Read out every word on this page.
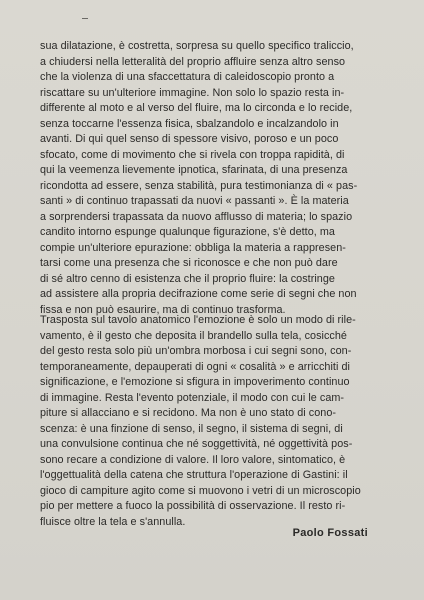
sua dilatazione, è costretta, sorpresa su quello specifico traliccio,
a chiudersi nella letteralità del proprio affluire senza altro senso
che la violenza di una sfaccettatura di caleidoscopio pronto a
riscattare su un'ulteriore immagine. Non solo lo spazio resta in-
differente al moto e al verso del fluire, ma lo circonda e lo recide,
senza toccarne l'essenza fisica, sbalzandolo e incalzandolo in
avanti. Di qui quel senso di spessore visivo, poroso e un poco
sfocato, come di movimento che si rivela con troppa rapidità, di
qui la veemenza lievemente ipnotica, sfarinata, di una presenza
ricondotta ad essere, senza stabilità, pura testimonianza di « pas-
santi » di continuo trapassati da nuovi « passanti ». È la materia
a sorprendersi trapassata da nuovo afflusso di materia; lo spazio
candito intorno espunge qualunque figurazione, s'è detto, ma
compie un'ulteriore epurazione: obbliga la materia a rappresen-
tarsi come una presenza che si riconosce e che non può dare
di sé altro cenno di esistenza che il proprio fluire: la costringe
ad assistere alla propria decifrazione come serie di segni che non
fissa e non può esaurire, ma di continuo trasforma.
Trasposta sul tavolo anatomico l'emozione è solo un modo di rile-
vamento, è il gesto che deposita il brandello sulla tela, cosicché
del gesto resta solo più un'ombra morbosa i cui segni sono, con-
temporaneamente, depauperati di ogni « cosalità » e arricchiti di
significazione, e l'emozione si sfigura in impoverimento continuo
di immagine. Resta l'evento potenziale, il modo con cui le cam-
piture si allacciano e si recidono. Ma non è uno stato di cono-
scenza: è una finzione di senso, il segno, il sistema di segni, di
una convulsione continua che né soggettività, né oggettività pos-
sono recare a condizione di valore. Il loro valore, sintomatico, è
l'oggettualità della catena che struttura l'operazione di Gastini: il
gioco di campiture agito come si muovono i vetri di un microscopio
pio per mettere a fuoco la possibilità di osservazione. Il resto ri-
fluisce oltre la tela e s'annulla.
Paolo Fossati
